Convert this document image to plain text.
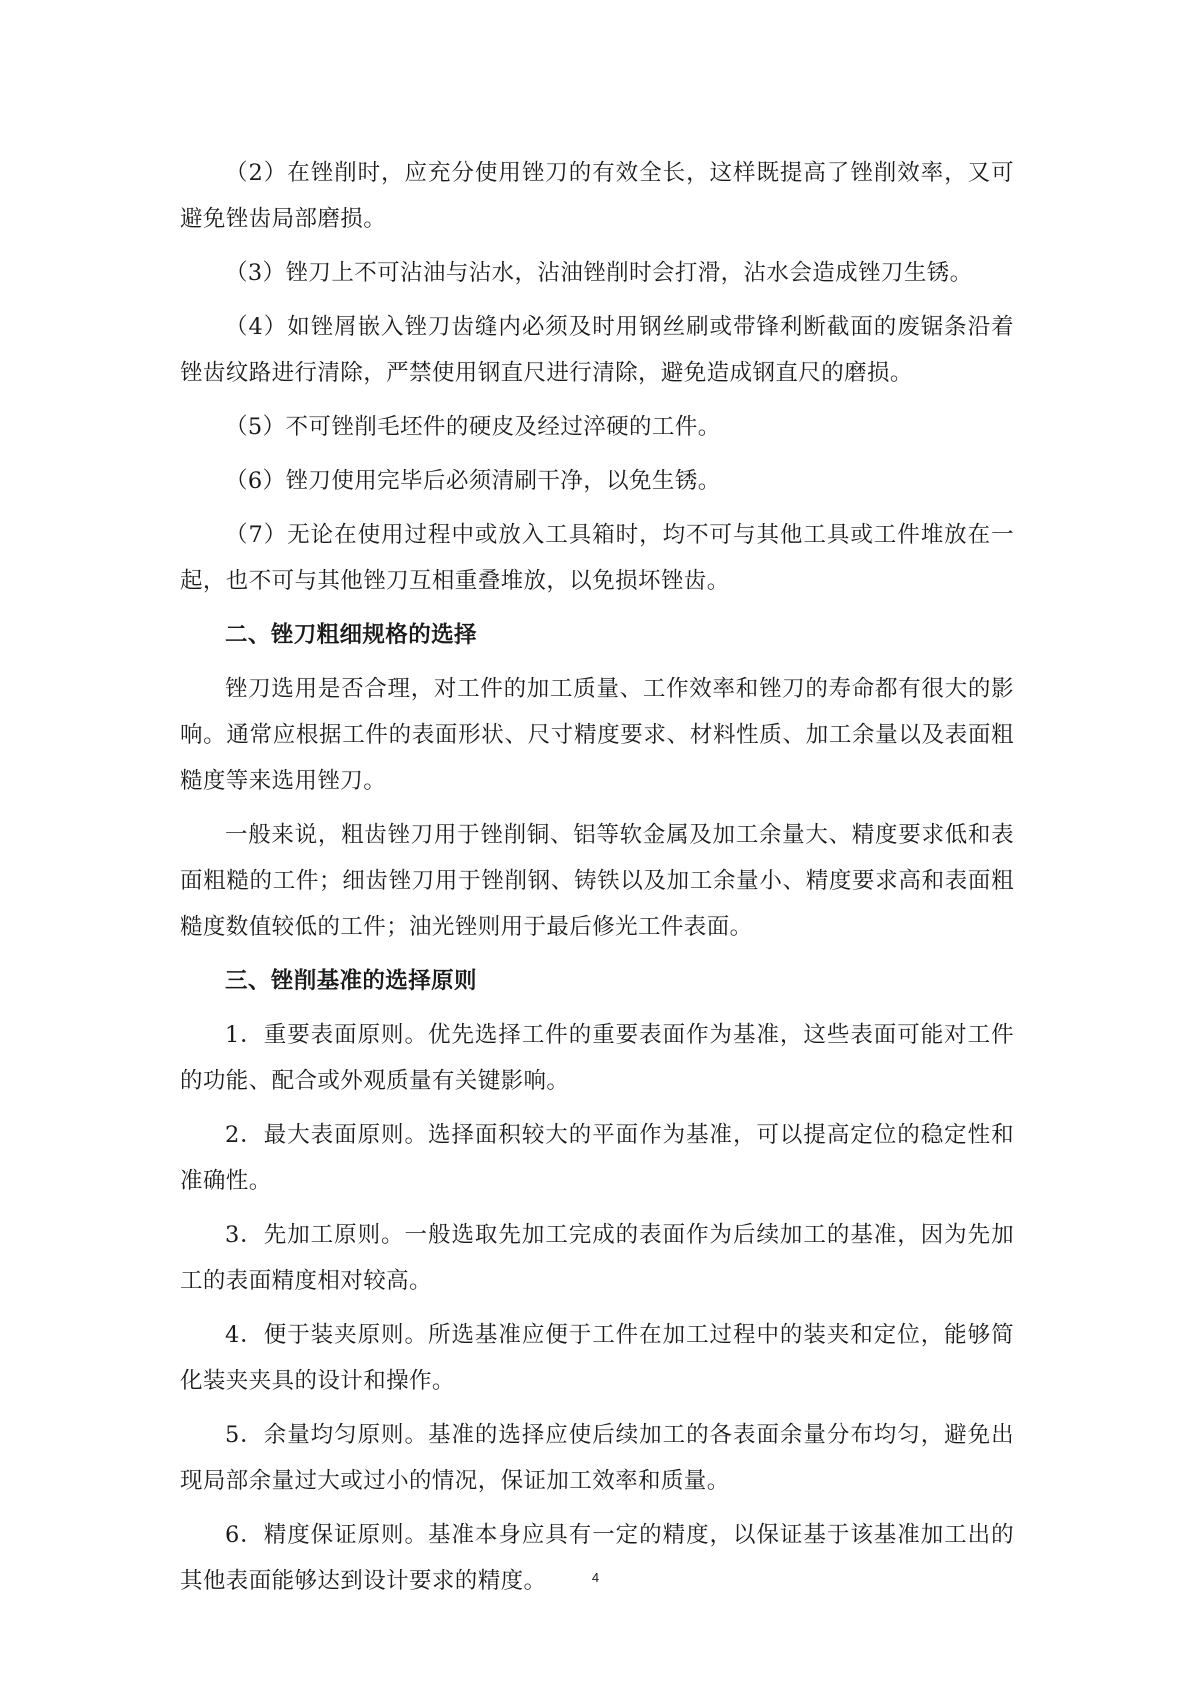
（2）在锉削时，应充分使用锉刀的有效全长，这样既提高了锉削效率，又可避免锉齿局部磨损。

（3）锉刀上不可沾油与沾水，沾油锉削时会打滑，沾水会造成锉刀生锈。

（4）如锉屑嵌入锉刀齿缝内必须及时用钢丝刷或带锋利断截面的废锯条沿着锉齿纹路进行清除，严禁使用钢直尺进行清除，避免造成钢直尺的磨损。

（5）不可锉削毛坯件的硬皮及经过淬硬的工件。

（6）锉刀使用完毕后必须清刷干净，以免生锈。

（7）无论在使用过程中或放入工具箱时，均不可与其他工具或工件堆放在一起，也不可与其他锉刀互相重叠堆放，以免损坏锉齿。

二、锉刀粗细规格的选择

锉刀选用是否合理，对工件的加工质量、工作效率和锉刀的寿命都有很大的影响。通常应根据工件的表面形状、尺寸精度要求、材料性质、加工余量以及表面粗糙度等来选用锉刀。

一般来说，粗齿锉刀用于锉削铜、铝等软金属及加工余量大、精度要求低和表面粗糙的工件；细齿锉刀用于锉削钢、铸铁以及加工余量小、精度要求高和表面粗糙度数值较低的工件；油光锉则用于最后修光工件表面。

三、锉削基准的选择原则

1．重要表面原则。优先选择工件的重要表面作为基准，这些表面可能对工件的功能、配合或外观质量有关键影响。

2．最大表面原则。选择面积较大的平面作为基准，可以提高定位的稳定性和准确性。

3．先加工原则。一般选取先加工完成的表面作为后续加工的基准，因为先加工的表面精度相对较高。

4．便于装夹原则。所选基准应便于工件在加工过程中的装夹和定位，能够简化装夹夹具的设计和操作。

5．余量均匀原则。基准的选择应使后续加工的各表面余量分布均匀，避免出现局部余量过大或过小的情况，保证加工效率和质量。

6．精度保证原则。基准本身应具有一定的精度，以保证基于该基准加工出的其他表面能够达到设计要求的精度。	4
